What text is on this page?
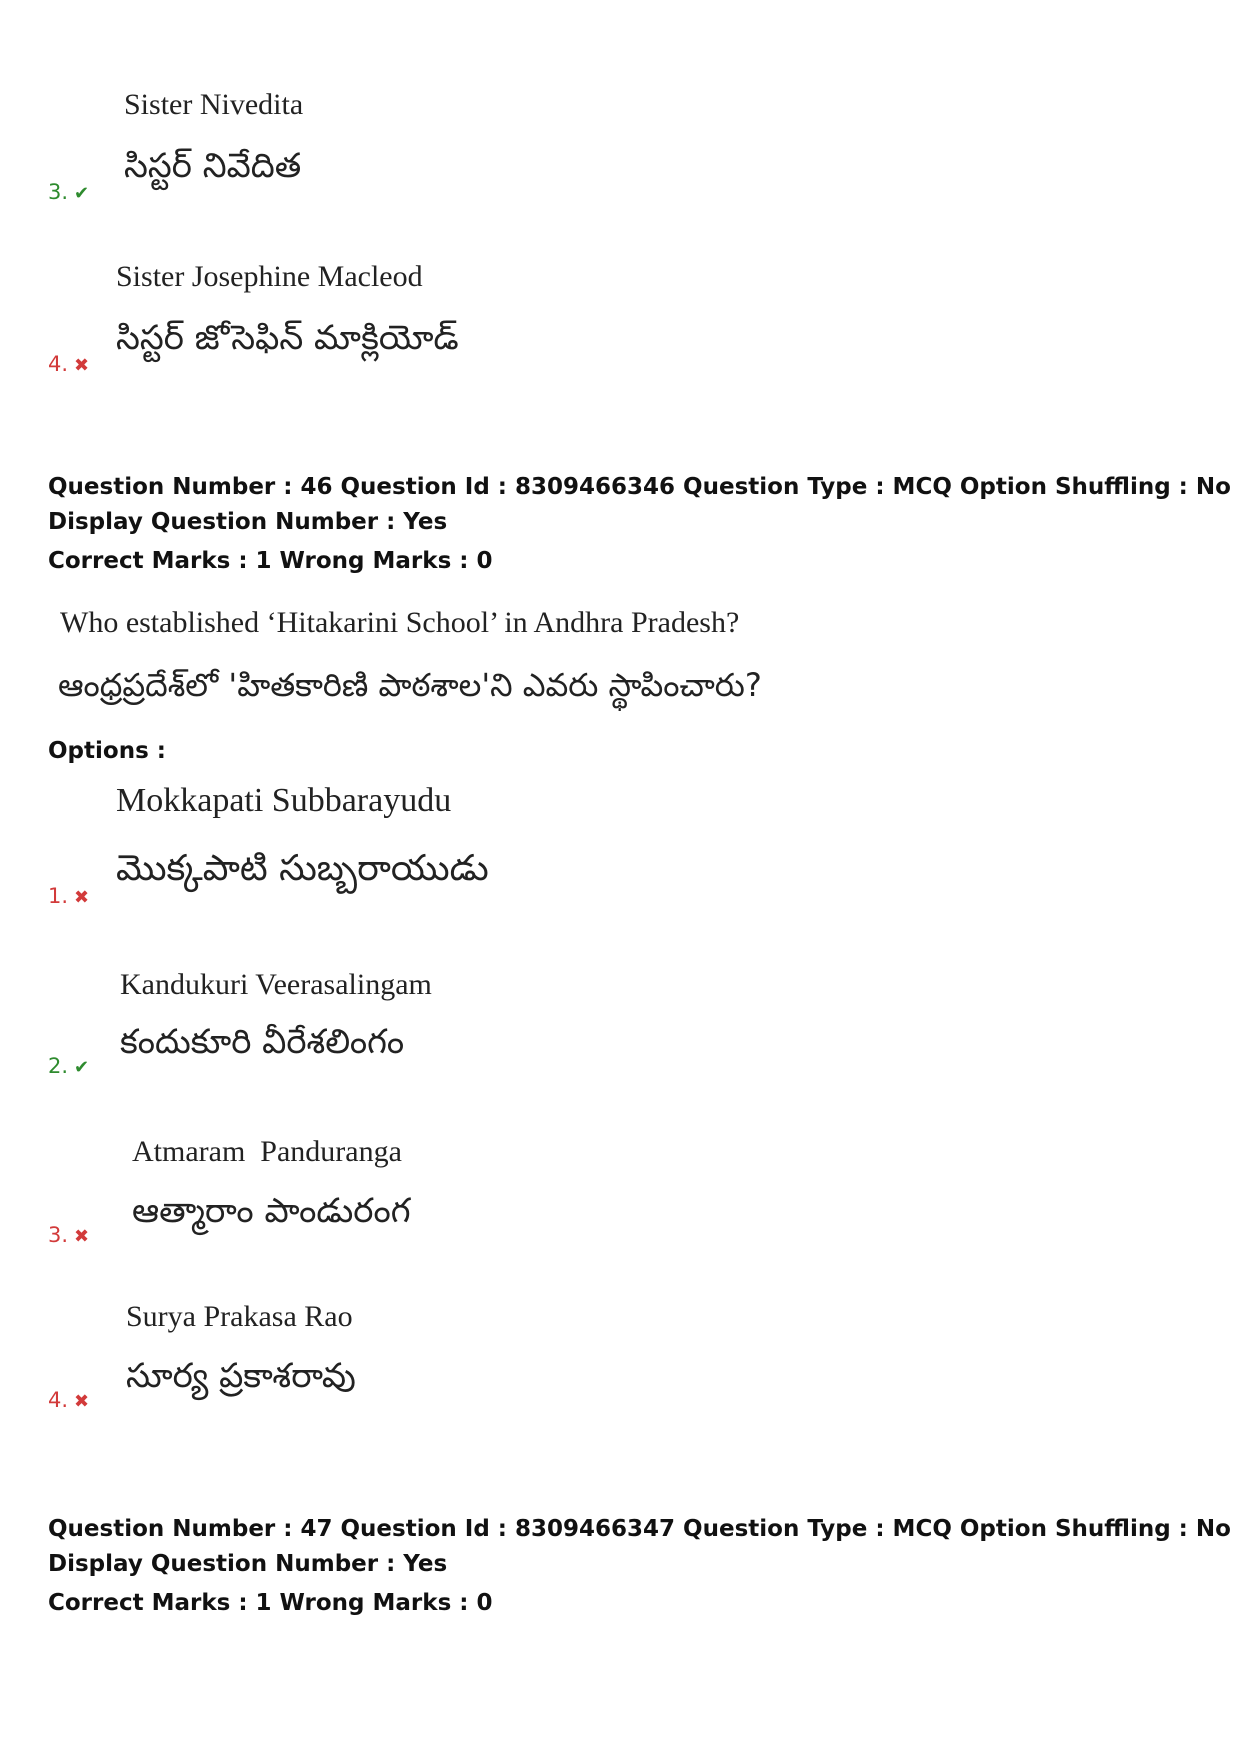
Sister Nivedita
సిస్టర్ నివేదిత
3. ✔
Sister Josephine Macleod
సిస్టర్ జోసెఫిన్ మాక్లియోడ్
4. ✖
Question Number : 46 Question Id : 8309466346 Question Type : MCQ Option Shuffling : No
Display Question Number : Yes
Correct Marks : 1 Wrong Marks : 0
Who established ‘Hitakarini School’ in Andhra Pradesh?
ఆంధ్రప్రదేశ్‌లో 'హితకారిణి పాఠశాల'ని ఎవరు స్థాపించారు?
Options :
Mokkapati Subbarayudu
మొక్కపాటి సుబ్బరాయుడు
1. ✖
Kandukuri Veerasalingam
కందుకూరి వీరేశలింగం
2. ✔
Atmaram  Panduranga
ఆత్మారాం పాండురంగ
3. ✖
Surya Prakasa Rao
సూర్య ప్రకాశరావు
4. ✖
Question Number : 47 Question Id : 8309466347 Question Type : MCQ Option Shuffling : No
Display Question Number : Yes
Correct Marks : 1 Wrong Marks : 0
